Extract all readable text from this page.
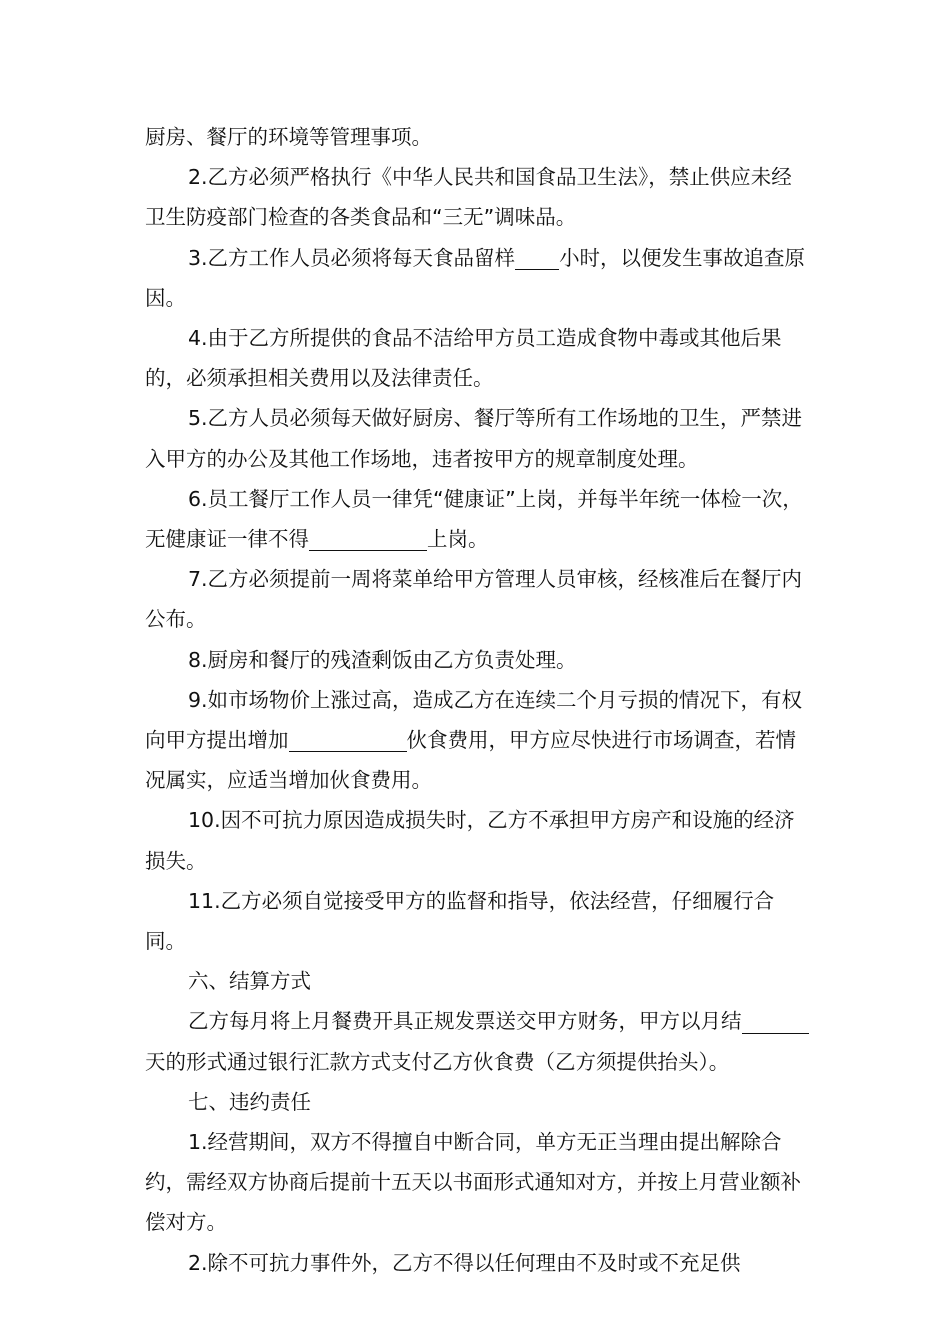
厨房、餐厅的环境等管理事项。

2.乙方必须严格执行《中华人民共和国食品卫生法》，禁止供应未经卫生防疫部门检查的各类食品和“三无”调味品。

3.乙方工作人员必须将每天食品留样 小时，以便发生事故追查原因。

4.由于乙方所提供的食品不洁给甲方员工造成食物中毒或其他后果的，必须承担相关费用以及法律责任。

5.乙方人员必须每天做好厨房、餐厅等所有工作场地的卫生，严禁进入甲方的办公及其他工作场地，违者按甲方的规章制度处理。

6.员工餐厅工作人员一律凭“健康证”上岗，并每半年统一体检一次，无健康证一律不得	上岗。

7.乙方必须提前一周将菜单给甲方管理人员审核，经核准后在餐厅内公布。

8.厨房和餐厅的残渣剩饭由乙方负责处理。

9.如市场物价上涨过高，造成乙方在连续二个月亏损的情况下，有权向甲方提出增加	伙食费用，甲方应尽快进行市场调查，若情况属实，应适当增加伙食费用。

10.因不可抗力原因造成损失时，乙方不承担甲方房产和设施的经济损失。

11.乙方必须自觉接受甲方的监督和指导，依法经营，仔细履行合同。

六、结算方式

乙方每月将上月餐费开具正规发票送交甲方财务，甲方以月结天的形式通过银行汇款方式支付乙方伙食费（乙方须提供抬头）。

七、违约责任

1.经营期间，双方不得擅自中断合同，单方无正当理由提出解除合约，需经双方协商后提前十五天以书面形式通知对方，并按上月营业额补偿对方。

2.除不可抗力事件外，乙方不得以任何理由不及时或不充足供
